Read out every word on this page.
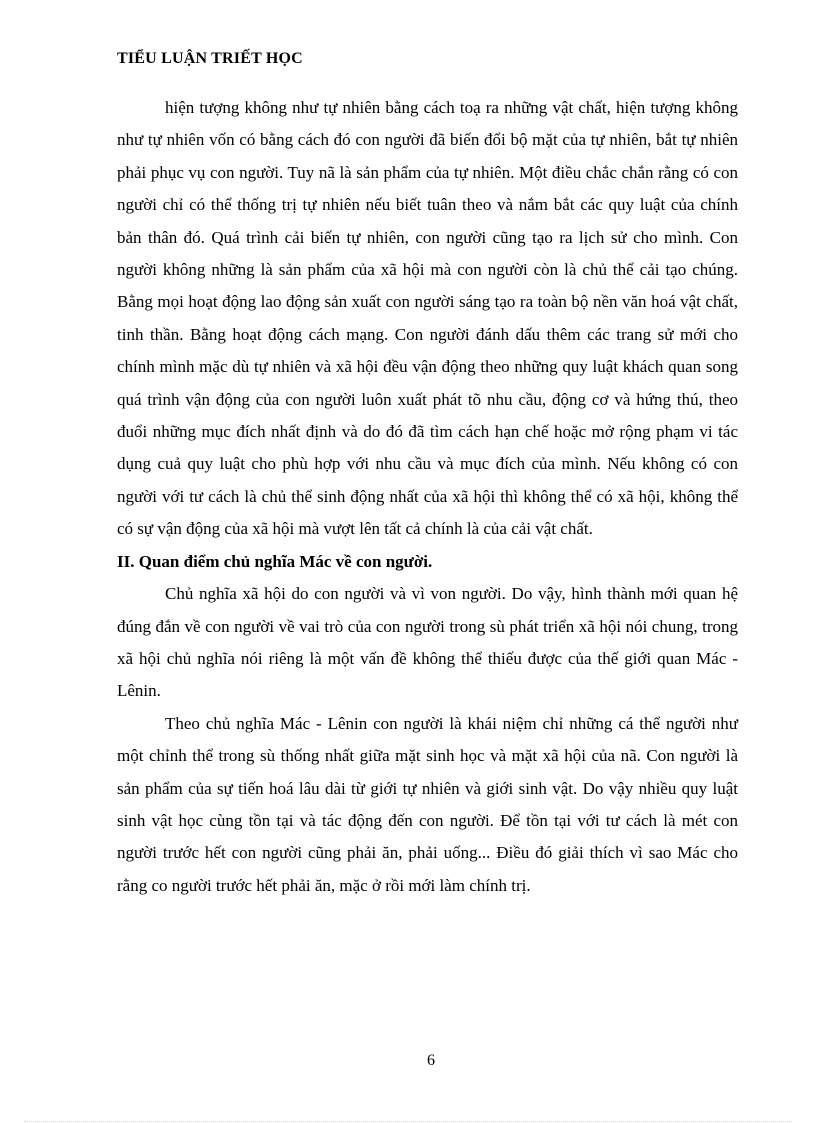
TIỂU LUẬN TRIẾT HỌC

hiện tượng không như tự nhiên bằng cách toạ ra những vật chất, hiện tượng không như tự nhiên vốn có bằng cách đó con người đã biến đổi bộ mặt của tự nhiên, bắt tự nhiên phải phục vụ con người. Tuy nã là sản phẩm của tự nhiên. Một điều chắc chắn rằng có con người chỉ có thể thống trị tự nhiên nếu biết tuân theo và nắm bắt các quy luật của chính bản thân đó. Quá trình cải biến tự nhiên, con người cũng tạo ra lịch sử cho mình. Con người không những là sản phẩm của xã hội mà con người còn là chủ thể cải tạo chúng. Bằng mọi hoạt động lao động sản xuất con người sáng tạo ra toàn bộ nền văn hoá vật chất, tinh thần. Bằng hoạt động cách mạng. Con người đánh dấu thêm các trang sử mới cho chính mình mặc dù tự nhiên và xã hội đều vận động theo những quy luật khách quan song quá trình vận động của con người luôn xuất phát tõ nhu cầu, động cơ và hứng thú, theo đuổi những mục đích nhất định và do đó đã tìm cách hạn chế hoặc mở rộng phạm vi tác dụng cuả quy luật cho phù hợp với nhu cầu và mục đích của mình. Nếu không có con người với tư cách là chủ thể sinh động nhất của xã hội thì không thể có xã hội, không thể có sự vận động của xã hội mà vượt lên tất cả chính là của cải vật chất.

II. Quan điểm chủ nghĩa Mác về con người.

Chủ nghĩa xã hội do con người và vì von người. Do vậy, hình thành mới quan hệ đúng đắn về con người về vai trò của con người trong sù phát triển xã hội nói chung, trong xã hội chủ nghĩa nói riêng là một vấn đề không thể thiếu được của thế giới quan Mác - Lênin.

Theo chủ nghĩa Mác - Lênin con người là khái niệm chỉ những cá thể người như một chỉnh thể trong sù thống nhất giữa mặt sinh học và mặt xã hội của nã. Con người là sản phẩm của sự tiến hoá lâu dài từ giới tự nhiên và giới sinh vật. Do vậy nhiều quy luật sinh vật học cùng tồn tại và tác động đến con người. Để tồn tại với tư cách là mét con người trước hết con người cũng phải ăn, phải uống... Điều đó giải thích vì sao Mác cho rằng co người trước hết phải ăn, mặc ở rồi mới làm chính trị.

6
